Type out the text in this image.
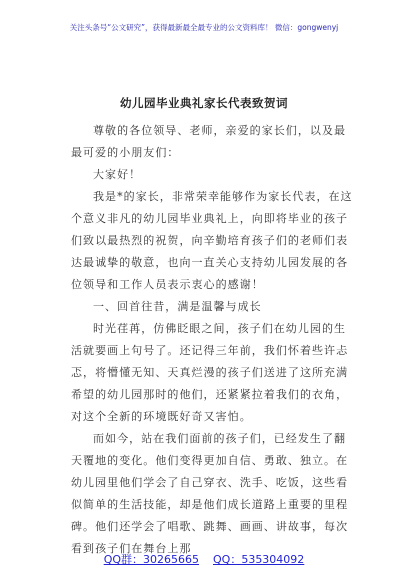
关注头条号“公文研究”，获得最新最全最专业的公文资料库！ 微信：gongwenyj
幼儿园毕业典礼家长代表致贺词

尊敬的各位领导、老师，亲爱的家长们，以及最最可爱的小朋友们：

大家好！

我是*的家长，非常荣幸能够作为家长代表，在这个意义非凡的幼儿园毕业典礼上，向即将毕业的孩子们致以最热烈的祝贺，向辛勤培育孩子们的老师们表达最诚挚的敬意，也向一直关心支持幼儿园发展的各位领导和工作人员表示衷心的感谢！

一、回首往昔，满是温馨与成长

时光荏苒，仿佛眨眼之间，孩子们在幼儿园的生活就要画上句号了。还记得三年前，我们怀着些许忐忑，将懵懂无知、天真烂漫的孩子们送进了这所充满希望的幼儿园那时的他们，还紧紧拉着我们的衣角，对这个全新的环境既好奇又害怕。

而如今，站在我们面前的孩子们，已经发生了翻天覆地的变化。他们变得更加自信、勇敢、独立。在幼儿园里他们学会了自己穿衣、洗手、吃饭，这些看似简单的生活技能，却是他们成长道路上重要的里程碑。他们还学会了唱歌、跳舞、画画、讲故事，每次看到孩子们在舞台上那

QQ群：30265665 QQ：535304092
